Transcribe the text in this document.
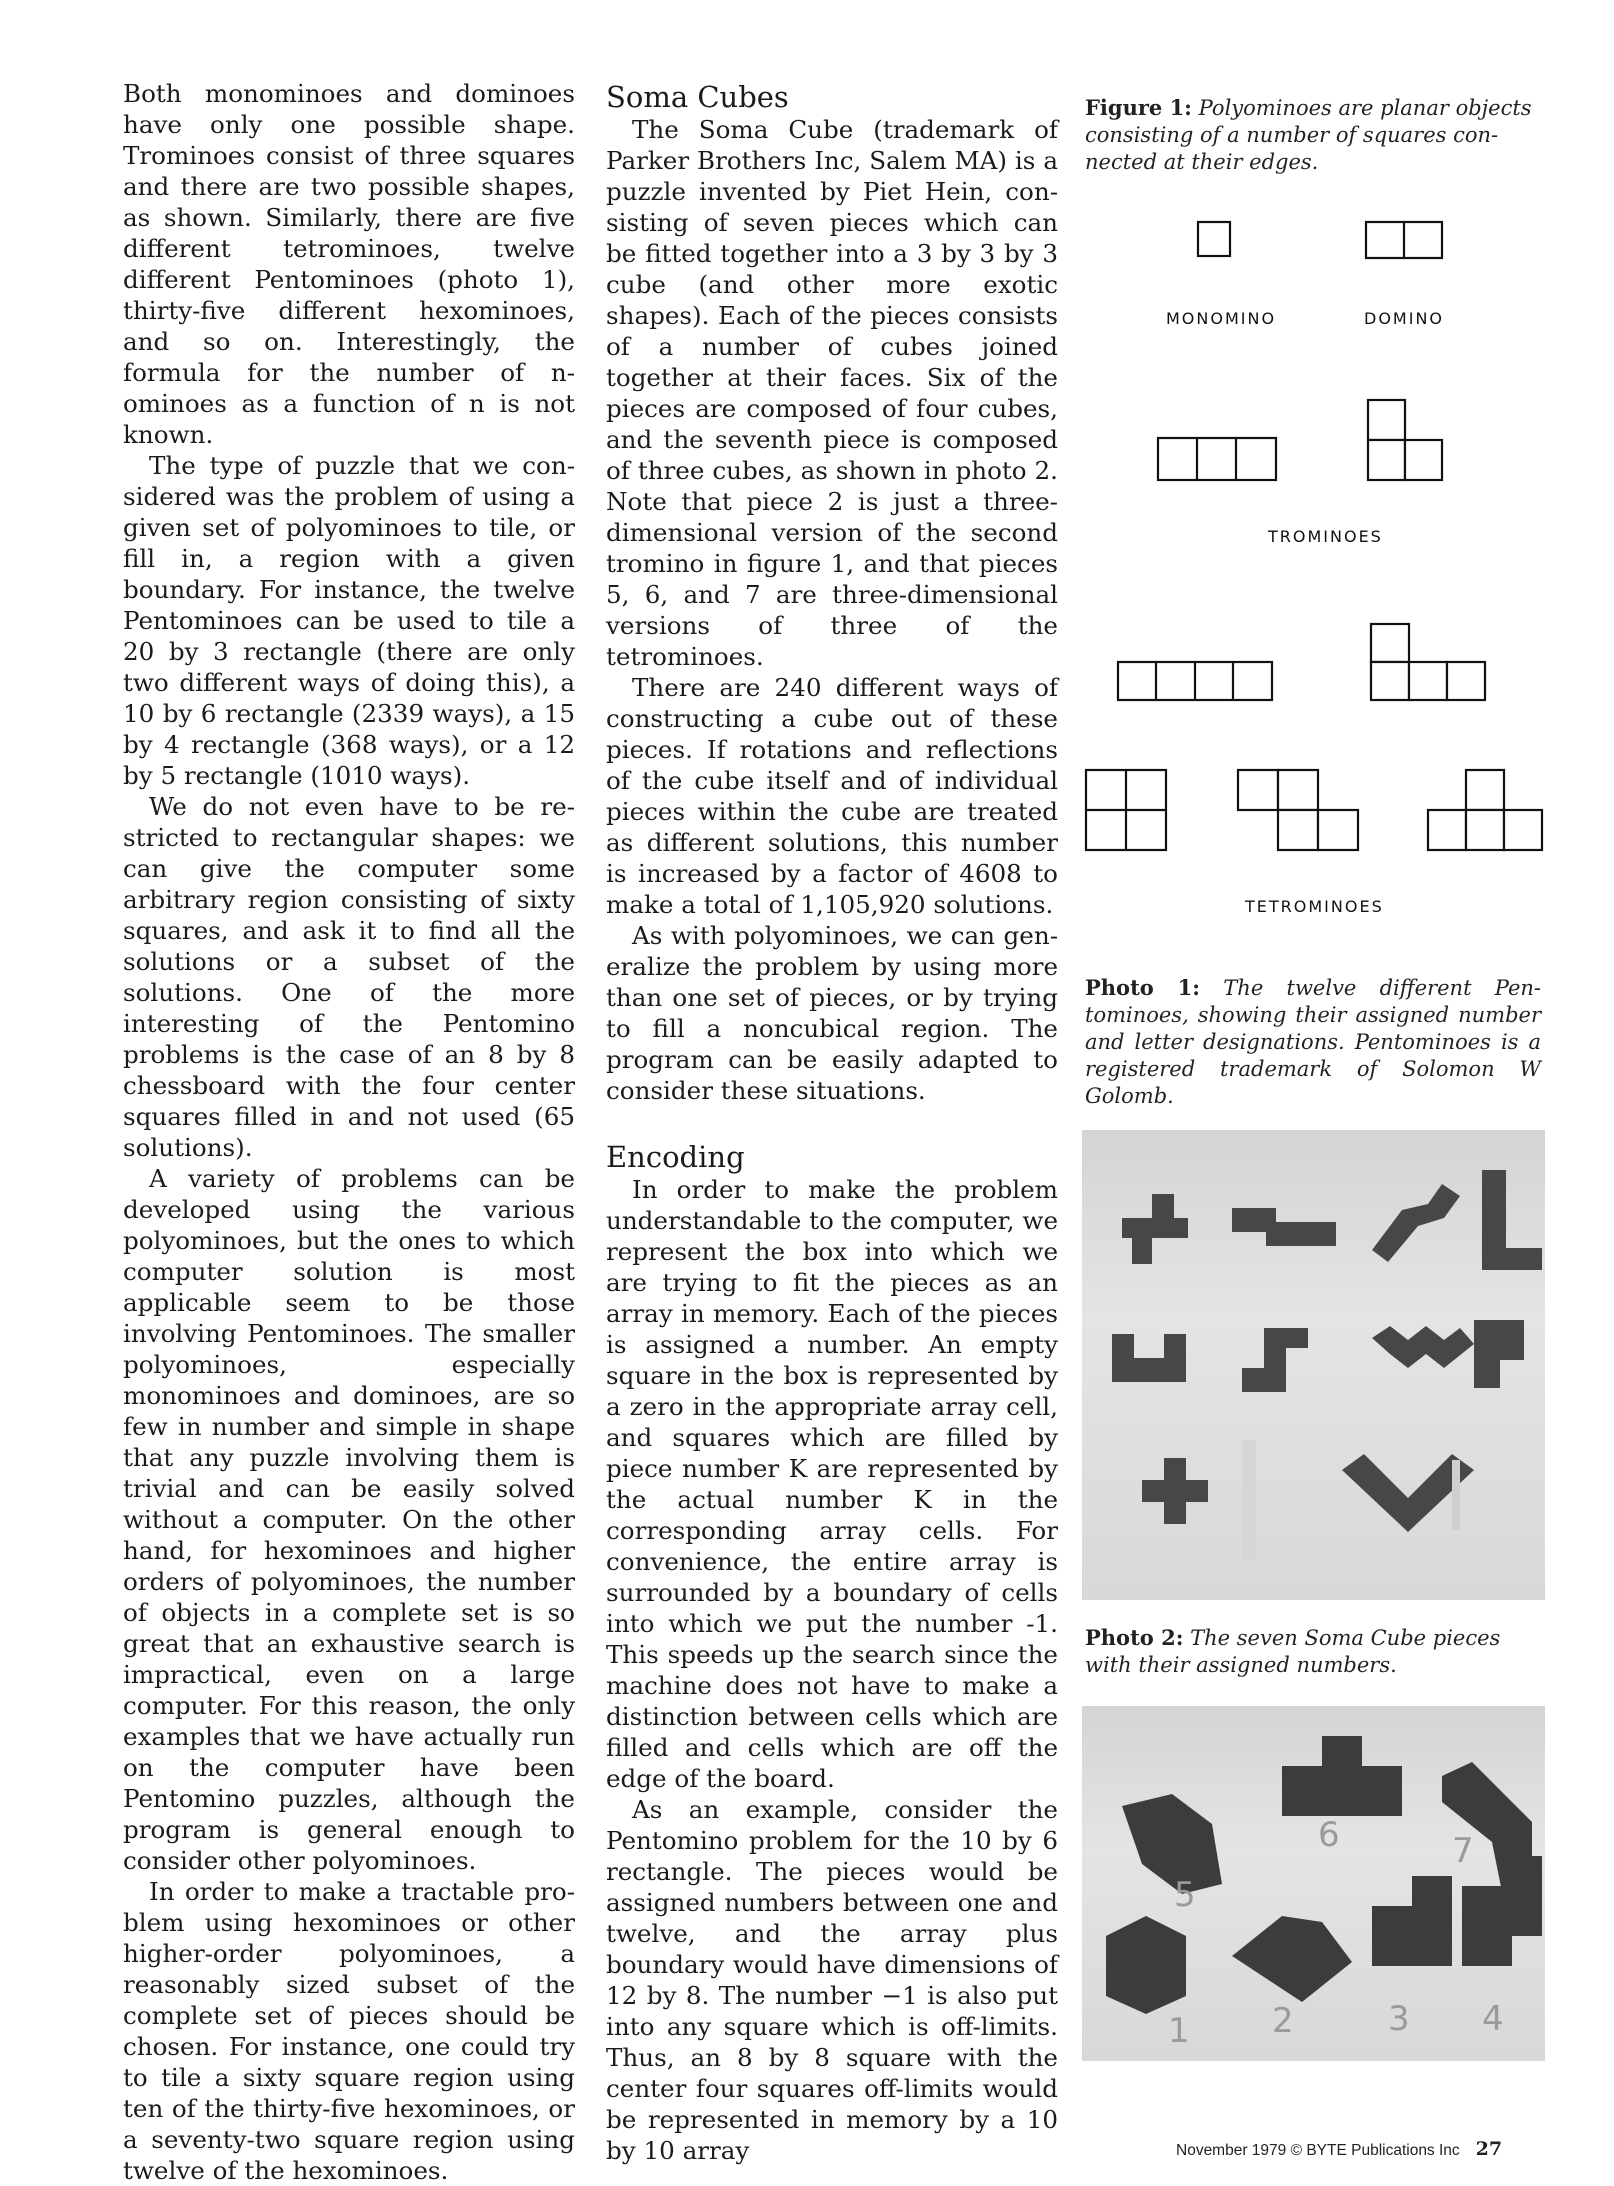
Both monominoes and dominoes have only one possible shape. Trominoes consist of three squares and there are two possible shapes, as shown. Similarly, there are five different tetrominoes, twelve different Pentominoes (photo 1), thirty-five different hexominoes, and so on. Interestingly, the formula for the number of n-ominoes as a function of n is not known.

The type of puzzle that we considered was the problem of using a given set of polyominoes to tile, or fill in, a region with a given boundary. For instance, the twelve Pentominoes can be used to tile a 20 by 3 rectangle (there are only two different ways of doing this), a 10 by 6 rectangle (2339 ways), a 15 by 4 rectangle (368 ways), or a 12 by 5 rectangle (1010 ways).

We do not even have to be restricted to rectangular shapes: we can give the computer some arbitrary region consisting of sixty squares, and ask it to find all the solutions or a subset of the solutions. One of the more interesting of the Pentomino problems is the case of an 8 by 8 chessboard with the four center squares filled in and not used (65 solutions).

A variety of problems can be developed using the various polyominoes, but the ones to which computer solution is most applicable seem to be those involving Pentominoes. The smaller polyominoes, especially monominoes and dominoes, are so few in number and simple in shape that any puzzle involving them is trivial and can be easily solved without a computer. On the other hand, for hexominoes and higher orders of polyominoes, the number of objects in a complete set is so great that an exhaustive search is impractical, even on a large computer. For this reason, the only examples that we have actually run on the computer have been Pentomino puzzles, although the program is general enough to consider other polyominoes.

In order to make a tractable problem using hexominoes or other higher-order polyominoes, a reasonably sized subset of the complete set of pieces should be chosen. For instance, one could try to tile a sixty square region using ten of the thirty-five hexominoes, or a seventy-two square region using twelve of the hexominoes.

Soma Cubes

The Soma Cube (trademark of Parker Brothers Inc, Salem MA) is a puzzle invented by Piet Hein, consisting of seven pieces which can be fitted together into a 3 by 3 by 3 cube (and other more exotic shapes). Each of the pieces consists of a number of cubes joined together at their faces. Six of the pieces are composed of four cubes, and the seventh piece is composed of three cubes, as shown in photo 2. Note that piece 2 is just a three-dimensional version of the second tromino in figure 1, and that pieces 5, 6, and 7 are three-dimensional versions of three of the tetrominoes.

There are 240 different ways of constructing a cube out of these pieces. If rotations and reflections of the cube itself and of individual pieces within the cube are treated as different solutions, this number is increased by a factor of 4608 to make a total of 1,105,920 solutions.

As with polyominoes, we can generalize the problem by using more than one set of pieces, or by trying to fill a noncubical region. The program can be easily adapted to consider these situations.

Encoding

In order to make the problem understandable to the computer, we represent the box into which we are trying to fit the pieces as an array in memory. Each of the pieces is assigned a number. An empty square in the box is represented by a zero in the appropriate array cell, and squares which are filled by piece number K are represented by the actual number K in the corresponding array cells. For convenience, the entire array is surrounded by a boundary of cells into which we put the number -1. This speeds up the search since the machine does not have to make a distinction between cells which are filled and cells which are off the edge of the board.

As an example, consider the Pentomino problem for the 10 by 6 rectangle. The pieces would be assigned numbers between one and twelve, and the array plus boundary would have dimensions of 12 by 8. The number −1 is also put into any square which is off-limits. Thus, an 8 by 8 square with the center four squares off-limits would be represented in memory by a 10 by 10 array

Figure 1: Polyominoes are planar objects consisting of a number of squares connected at their edges.
MONOMINO	DOMINO
TROMINOES
TETROMINOES
Photo 1: The twelve different Pentominoes, showing their assigned number and letter designations. Pentominoes is a registered trademark of Solomon W Golomb.
Photo 2: The seven Soma Cube pieces with their assigned numbers.
5
6	7
1 2	3 4
November 1979 © BYTE Publications Inc 27
